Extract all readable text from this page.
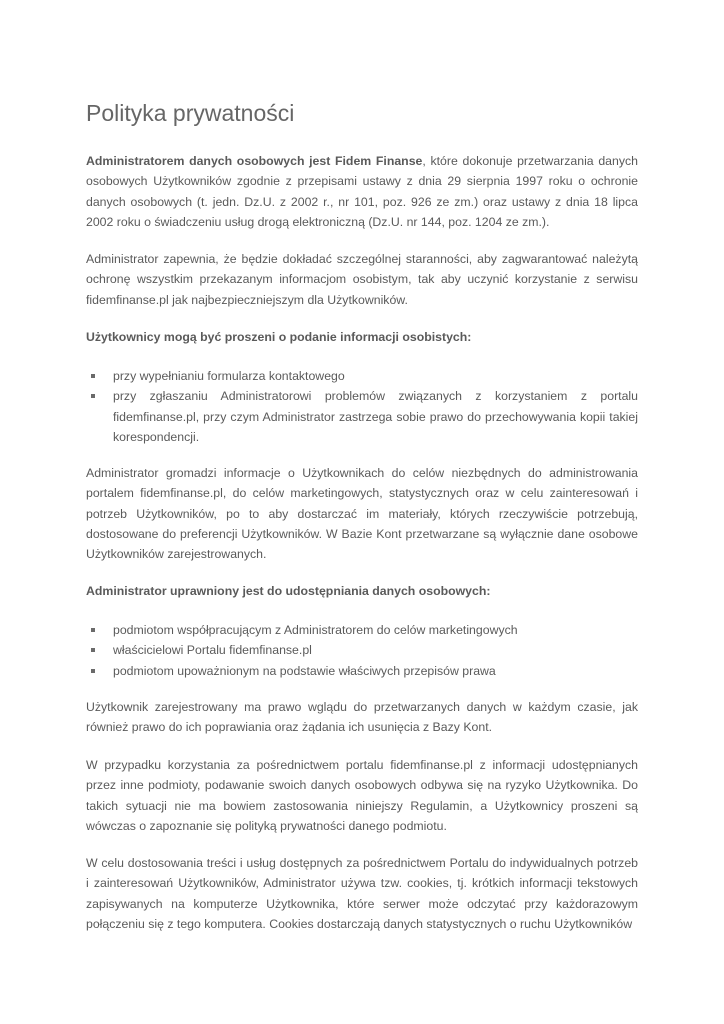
Polityka prywatności

Administratorem danych osobowych jest Fidem Finanse, które dokonuje przetwarzania danych osobowych Użytkowników zgodnie z przepisami ustawy z dnia 29 sierpnia 1997 roku o ochronie danych osobowych (t. jedn. Dz.U. z 2002 r., nr 101, poz. 926 ze zm.) oraz ustawy z dnia 18 lipca 2002 roku o świadczeniu usług drogą elektroniczną (Dz.U. nr 144, poz. 1204 ze zm.).

Administrator zapewnia, że będzie dokładać szczególnej staranności, aby zagwarantować należytą ochronę wszystkim przekazanym informacjom osobistym, tak aby uczynić korzystanie z serwisu fidemfinanse.pl jak najbezpieczniejszym dla Użytkowników.

Użytkownicy mogą być proszeni o podanie informacji osobistych:

przy wypełnianiu formularza kontaktowego
przy zgłaszaniu Administratorowi problemów związanych z korzystaniem z portalu fidemfinanse.pl, przy czym Administrator zastrzega sobie prawo do przechowywania kopii takiej korespondencji.

Administrator gromadzi informacje o Użytkownikach do celów niezbędnych do administrowania portalem fidemfinanse.pl, do celów marketingowych, statystycznych oraz w celu zainteresowań i potrzeb Użytkowników, po to aby dostarczać im materiały, których rzeczywiście potrzebują, dostosowane do preferencji Użytkowników. W Bazie Kont przetwarzane są wyłącznie dane osobowe Użytkowników zarejestrowanych.

Administrator uprawniony jest do udostępniania danych osobowych:

podmiotom współpracującym z Administratorem do celów marketingowych
właścicielowi Portalu fidemfinanse.pl
podmiotom upoważnionym na podstawie właściwych przepisów prawa

Użytkownik zarejestrowany ma prawo wglądu do przetwarzanych danych w każdym czasie, jak również prawo do ich poprawiania oraz żądania ich usunięcia z Bazy Kont.

W przypadku korzystania za pośrednictwem portalu fidemfinanse.pl z informacji udostępnianych przez inne podmioty, podawanie swoich danych osobowych odbywa się na ryzyko Użytkownika. Do takich sytuacji nie ma bowiem zastosowania niniejszy Regulamin, a Użytkownicy proszeni są wówczas o zapoznanie się polityką prywatności danego podmiotu.

W celu dostosowania treści i usług dostępnych za pośrednictwem Portalu do indywidualnych potrzeb i zainteresowań Użytkowników, Administrator używa tzw. cookies, tj. krótkich informacji tekstowych zapisywanych na komputerze Użytkownika, które serwer może odczytać przy każdorazowym połączeniu się z tego komputera. Cookies dostarczają danych statystycznych o ruchu Użytkowników
